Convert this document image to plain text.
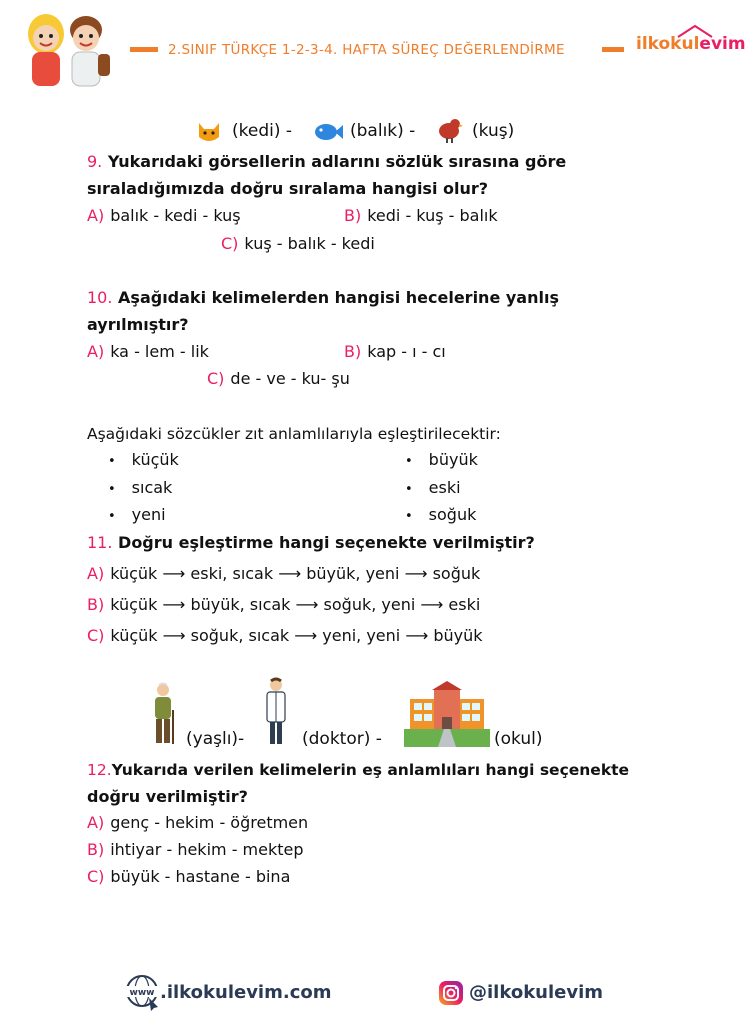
2.SINIF TÜRKÇE 1-2-3-4. HAFTA SÜREÇ DEĞERLENDİRME	ilkokulevim
(kedi) -	(balık) -	(kuş)
9. Yukarıdaki görsellerin adlarını sözlük sırasına göre
sıraladığımızda doğru sıralama hangisi olur?
A) balık - kedi - kuş	B) kedi - kuş - balık
C) kuş - balık - kedi
10. Aşağıdaki kelimelerden hangisi hecelerine yanlış
ayrılmıştır?
A) ka - lem - lik	B) kap - ı - cı
C) de - ve - ku- şu
Aşağıdaki sözcükler zıt anlamlılarıyla eşleştirilecektir:
• küçük
• sıcak
• yeni
• büyük
• eski
• soğuk
11. Doğru eşleştirme hangi seçenekte verilmiştir?
A) küçük ⟶ eski, sıcak ⟶ büyük, yeni ⟶ soğuk
B) küçük ⟶ büyük, sıcak ⟶ soğuk, yeni ⟶ eski
C) küçük ⟶ soğuk, sıcak ⟶ yeni, yeni ⟶ büyük
(yaşlı)-	(doktor) -	(okul)
12.Yukarıda verilen kelimelerin eş anlamlıları hangi seçenekte
doğru verilmiştir?
A) genç - hekim - öğretmen
B) ihtiyar - hekim - mektep
C) büyük - hastane - bina
www .ilkokulevim.com	@ilkokulevim
